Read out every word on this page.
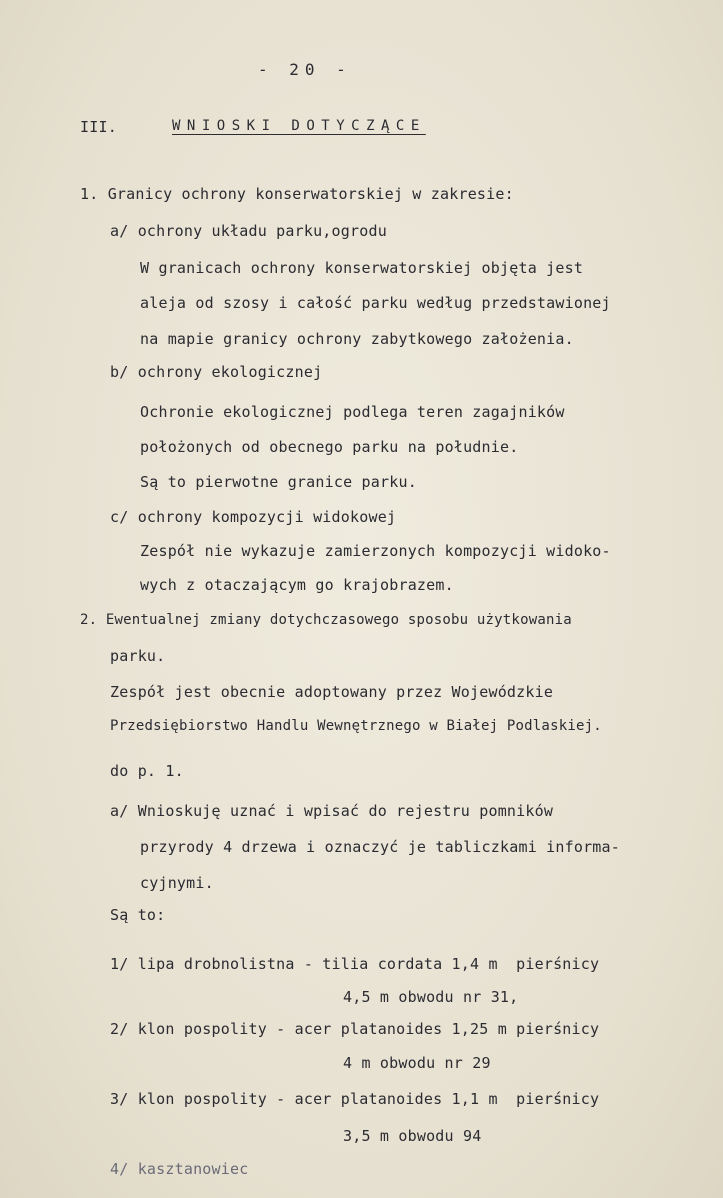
- 20 -
III.	WNIOSKI DOTYCZĄCE
1. Granicy ochrony konserwatorskiej w zakresie:
a/ ochrony układu parku,ogrodu
W granicach ochrony konserwatorskiej objęta jest
aleja od szosy i całość parku według przedstawionej
na mapie granicy ochrony zabytkowego założenia.
b/ ochrony ekologicznej
Ochronie ekologicznej podlega teren zagajników
położonych od obecnego parku na południe.
Są to pierwotne granice parku.
c/ ochrony kompozycji widokowej
Zespół nie wykazuje zamierzonych kompozycji widoko-
wych z otaczającym go krajobrazem.
2. Ewentualnej zmiany dotychczasowego sposobu użytkowania
parku.
Zespół jest obecnie adoptowany przez Wojewódzkie
Przedsiębiorstwo Handlu Wewnętrznego w Białej Podlaskiej.
do p. 1.
a/ Wnioskuję uznać i wpisać do rejestru pomników
przyrody 4 drzewa i oznaczyć je tabliczkami informa-
cyjnymi.
Są to:
1/ lipa drobnolistna - tilia cordata 1,4 m  pierśnicy
4,5 m obwodu nr 31,
2/ klon pospolity - acer platanoides 1,25 m pierśnicy
4 m obwodu nr 29
3/ klon pospolity - acer platanoides 1,1 m  pierśnicy
3,5 m obwodu 94
4/ kasztanowiec
